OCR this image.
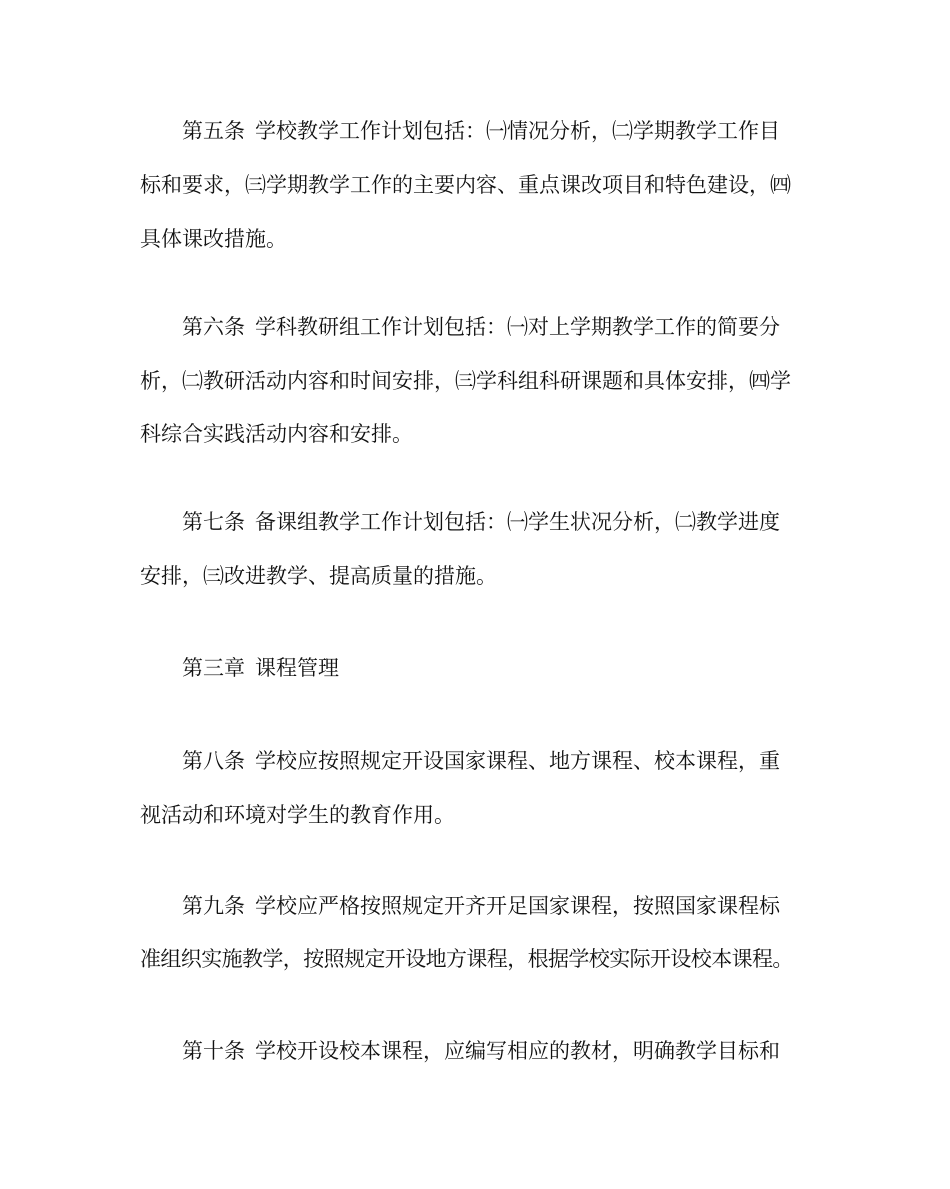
第五条 学校教学工作计划包括：㈠情况分析，㈡学期教学工作目
标和要求，㈢学期教学工作的主要内容、重点课改项目和特色建设，㈣
具体课改措施。
第六条 学科教研组工作计划包括：㈠对上学期教学工作的简要分
析，㈡教研活动内容和时间安排，㈢学科组科研课题和具体安排，㈣学
科综合实践活动内容和安排。
第七条 备课组教学工作计划包括：㈠学生状况分析，㈡教学进度
安排，㈢改进教学、提高质量的措施。
第三章 课程管理
第八条 学校应按照规定开设国家课程、地方课程、校本课程，重
视活动和环境对学生的教育作用。
第九条 学校应严格按照规定开齐开足国家课程，按照国家课程标
准组织实施教学，按照规定开设地方课程，根据学校实际开设校本课程。
第十条 学校开设校本课程，应编写相应的教材，明确教学目标和
